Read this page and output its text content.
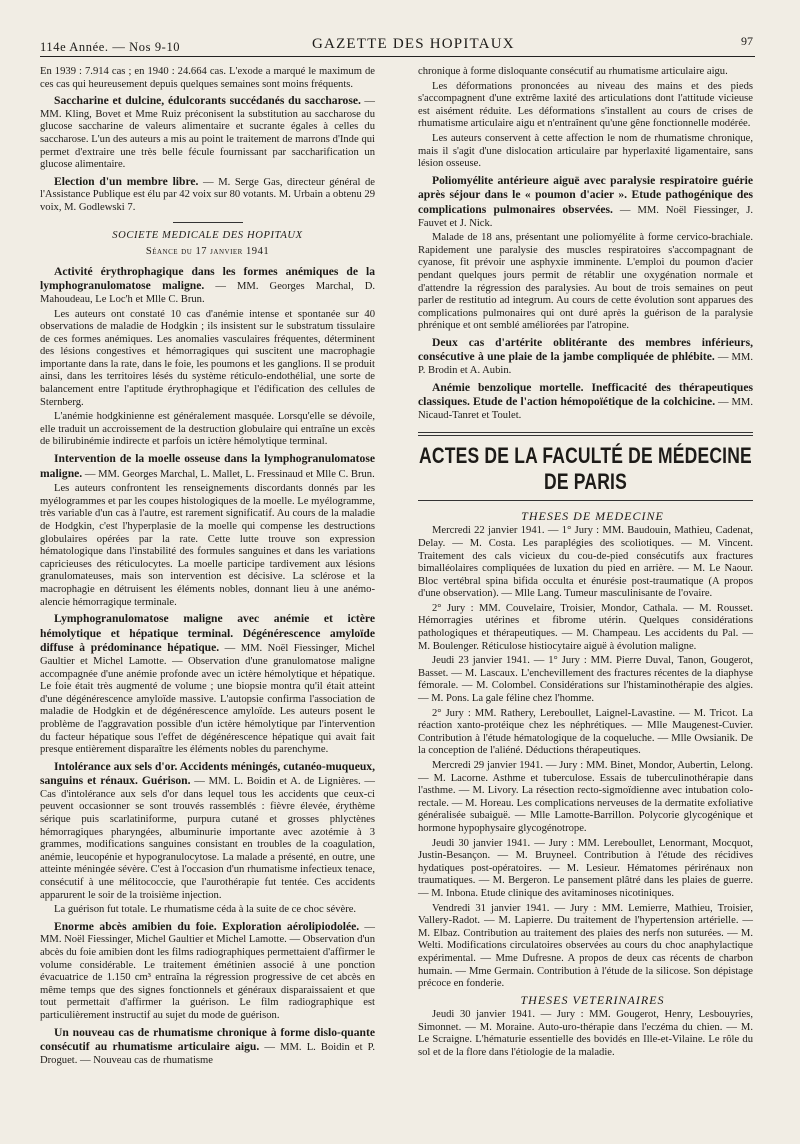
114e Année. — Nos 9-10	GAZETTE DES HOPITAUX	97

En 1939 : 7.914 cas ; en 1940 : 24.664 cas. L'exode a marqué le maximum de ces cas qui heureusement depuis quelques semaines sont moins fréquents.

Saccharine et dulcine, édulcorants succédanés du saccharose. — MM. Kling, Bovet et Mme Ruiz préconisent la substitution au saccharose du glucose saccharine de valeurs alimentaire et sucrante égales à celles du saccharose. L'un des auteurs a mis au point le traitement de marrons d'Inde qui permet d'extraire une très belle fécule fournissant par saccharification un glucose alimentaire.

Election d'un membre libre. — M. Serge Gas, directeur général de l'Assistance Publique est élu par 42 voix sur 80 votants. M. Urbain a obtenu 29 voix, M. Godlewski 7.

SOCIETE MEDICALE DES HOPITAUX

Séance du 17 janvier 1941

Activité érythrophagique dans les formes anémiques de la lymphogranulomatose maligne. — MM. Georges Marchal, D. Mahoudeau, Le Loc'h et Mlle C. Brun.

Les auteurs ont constaté 10 cas d'anémie intense et spontanée sur 40 observations de maladie de Hodgkin ; ils insistent sur le substratum tissulaire de ces formes anémiques. Les anomalies vasculaires fréquentes, déterminent des lésions congestives et hémorragiques qui suscitent une macrophagie importante dans la rate, dans le foie, les poumons et les ganglions. Il se produit ainsi, dans les territoires lésés du système réticulo-endothélial, une sorte de balancement entre l'aptitude érythrophagique et l'édification des cellules de Sternberg.

L'anémie hodgkinienne est généralement masquée. Lorsqu'elle se dévoile, elle traduit un accroissement de la destruction globulaire qui entraîne un excès de bilirubinémie indirecte et parfois un ictère hémolytique terminal.

Intervention de la moelle osseuse dans la lymphogranulomatose maligne. — MM. Georges Marchal, L. Mallet, L. Fressinaud et Mlle C. Brun.

Les auteurs confrontent les renseignements discordants donnés par les myélogrammes et par les coupes histologiques de la moelle. Le myélogramme, très variable d'un cas à l'autre, est rarement significatif. Au cours de la maladie de Hodgkin, c'est l'hyperplasie de la moelle qui compense les destructions globulaires opérées par la rate. Cette lutte trouve son expression hématologique dans l'instabilité des formules sanguines et dans les variations capricieuses des réticulocytes. La moelle participe tardivement aux lésions granulomateuses, mais son intervention est décisive. La sclérose et la macrophagie en détruisent les éléments nobles, donnant lieu à une anémo-alencie hémorragique terminale.

Lymphogranulomatose maligne avec anémie et ictère hémolytique et hépatique terminal. Dégénérescence amyloïde diffuse à prédominance hépatique. — MM. Noël Fiessinger, Michel Gaultier et Michel Lamotte. — Observation d'une granulomatose maligne accompagnée d'une anémie profonde avec un ictère hémolytique et hépatique. Le foie était très augmenté de volume ; une biopsie montra qu'il était atteint d'une dégénérescence amyloïde massive. L'autopsie confirma l'association de maladie de Hodgkin et de dégénérescence amyloïde. Les auteurs posent le problème de l'aggravation possible d'un ictère hémolytique par l'intervention du facteur hépatique sous l'effet de dégénérescence hépatique qui avait fait presque entièrement disparaître les éléments nobles du parenchyme.

Intolérance aux sels d'or. Accidents méningés, cutanéo-muqueux, sanguins et rénaux. Guérison. — MM. L. Boidin et A. de Lignières. — Cas d'intolérance aux sels d'or dans lequel tous les accidents que ceux-ci peuvent occasionner se sont trouvés rassemblés : fièvre élevée, érythème sérique puis scarlatiniforme, purpura cutané et grosses phlyctènes hémorragiques pharyngées, albuminurie importante avec azotémie à 3 grammes, modifications sanguines consistant en troubles de la coagulation, anémie, leucopénie et hypogranulocytose. La malade a présenté, en outre, une atteinte méningée sévère. C'est à l'occasion d'un rhumatisme infectieux tenace, consécutif à une mélitococcie, que l'aurothérapie fut tentée. Ces accidents apparurent le soir de la troisième injection.

La guérison fut totale. Le rhumatisme céda à la suite de ce choc sévère.

Enorme abcès amibien du foie. Exploration aérolipiodolée. — MM. Noël Fiessinger, Michel Gaultier et Michel Lamotte. — Observation d'un abcès du foie amibien dont les films radiographiques permettaient d'affirmer le volume considérable. Le traitement émétinien associé à une ponction évacuatrice de 1.150 cm³ entraîna la régression progressive de cet abcès en même temps que des signes fonctionnels et généraux disparaissaient et que tout permettait d'affirmer la guérison. Le film radiographique est particulièrement instructif au sujet du mode de guérison.

Un nouveau cas de rhumatisme chronique à forme dislo-quante consécutif au rhumatisme articulaire aigu. — MM. L. Boidin et P. Droguet. — Nouveau cas de rhumatisme

chronique à forme disloquante consécutif au rhumatisme articulaire aigu.

Les déformations prononcées au niveau des mains et des pieds s'accompagnent d'une extrême laxité des articulations dont l'attitude vicieuse est aisément réduite. Les déformations s'installent au cours de crises de rhumatisme articulaire aigu et n'entraînent qu'une gêne fonctionnelle modérée.

Les auteurs conservent à cette affection le nom de rhumatisme chronique, mais il s'agit d'une dislocation articulaire par hyperlaxité ligamentaire, sans lésion osseuse.

Poliomyélite antérieure aiguë avec paralysie respiratoire guérie après séjour dans le « poumon d'acier ». Etude pathogénique des complications pulmonaires observées. — MM. Noël Fiessinger, J. Fauvet et J. Nick.

Malade de 18 ans, présentant une poliomyélite à forme cervico-brachiale. Rapidement une paralysie des muscles respiratoires s'accompagnant de cyanose, fit prévoir une asphyxie imminente. L'emploi du poumon d'acier pendant quelques jours permit de rétablir une oxygénation normale et d'attendre la régression des paralysies. Au bout de trois semaines on peut parler de restitutio ad integrum. Au cours de cette évolution sont apparues des complications pulmonaires qui ont duré après la guérison de la paralysie phrénique et ont semblé améliorées par l'atropine.

Deux cas d'artérite oblitérante des membres inférieurs, consécutive à une plaie de la jambe compliquée de phlébite. — MM. P. Brodin et A. Aubin.

Anémie benzolique mortelle. Inefficacité des thérapeutiques classiques. Etude de l'action hémopoïétique de la colchicine. — MM. Nicaud-Tanret et Toulet.

ACTES DE LA FACULTÉ DE MÉDECINE DE PARIS

THESES DE MEDECINE

Mercredi 22 janvier 1941. — 1° Jury : MM. Baudouin, Mathieu, Cadenat, Delay. — M. Costa. Les paraplégies des scoliotiques. — M. Vincent. Traitement des cals vicieux du cou-de-pied consécutifs aux fractures bimalléolaires compliquées de luxation du pied en arrière. — M. Le Naour. Bloc vertébral spina bifida occulta et énurésie post-traumatique (A propos d'une observation). — Mlle Lang. Tumeur masculinisante de l'ovaire.

2° Jury : MM. Couvelaire, Troisier, Mondor, Cathala. — M. Rousset. Hémorragies utérines et fibrome utérin. Quelques considérations pathologiques et thérapeutiques. — M. Champeau. Les accidents du Pal. — M. Boulenger. Réticulose histiocytaire aiguë à évolution maligne.

Jeudi 23 janvier 1941. — 1° Jury : MM. Pierre Duval, Tanon, Gougerot, Basset. — M. Lascaux. L'enchevillement des fractures récentes de la diaphyse fémorale. — M. Colombel. Considérations sur l'histaminothérapie des algies. — M. Pons. La gale féline chez l'homme.

2° Jury : MM. Rathery, Lereboullet, Laignel-Lavastine. — M. Tricot. La réaction xanto-protéique chez les néphrétiques. — Mlle Maugenest-Cuvier. Contribution à l'étude hématologique de la coqueluche. — Mlle Owsianik. De la conception de l'aliéné. Déductions thérapeutiques.

Mercredi 29 janvier 1941. — Jury : MM. Binet, Mondor, Aubertin, Lelong. — M. Lacorne. Asthme et tuberculose. Essais de tuberculinothérapie dans l'asthme. — M. Livory. La résection recto-sigmoïdienne avec intubation colo-rectale. — M. Horeau. Les complications nerveuses de la dermatite exfoliative généralisée subaiguë. — Mlle Lamotte-Barrillon. Polycorie glycogénique et hormone hypophysaire glycogénotrope.

Jeudi 30 janvier 1941. — Jury : MM. Lereboullet, Lenormant, Mocquot, Justin-Besançon. — M. Bruyneel. Contribution à l'étude des récidives hydatiques post-opératoires. — M. Lesieur. Hématomes périrénaux non traumatiques. — M. Bergeron. Le pansement plâtré dans les plaies de guerre. — M. Inbona. Etude clinique des avitaminoses nicotiniques.

Vendredi 31 janvier 1941. — Jury : MM. Lemierre, Mathieu, Troisier, Vallery-Radot. — M. Lapierre. Du traitement de l'hypertension artérielle. — M. Elbaz. Contribution au traitement des plaies des nerfs non suturées. — M. Welti. Modifications circulatoires observées au cours du choc anaphylactique expérimental. — Mme Dufresne. A propos de deux cas récents de charbon humain. — Mme Germain. Contribution à l'étude de la silicose. Son dépistage précoce en fonderie.

THESES VETERINAIRES

Jeudi 30 janvier 1941. — Jury : MM. Gougerot, Henry, Lesbouyries, Simonnet. — M. Moraine. Auto-uro-thérapie dans l'eczéma du chien. — M. Le Scraigne. L'hématurie essentielle des bovidés en Ille-et-Vilaine. Le rôle du sol et de la flore dans l'étiologie de la maladie.
